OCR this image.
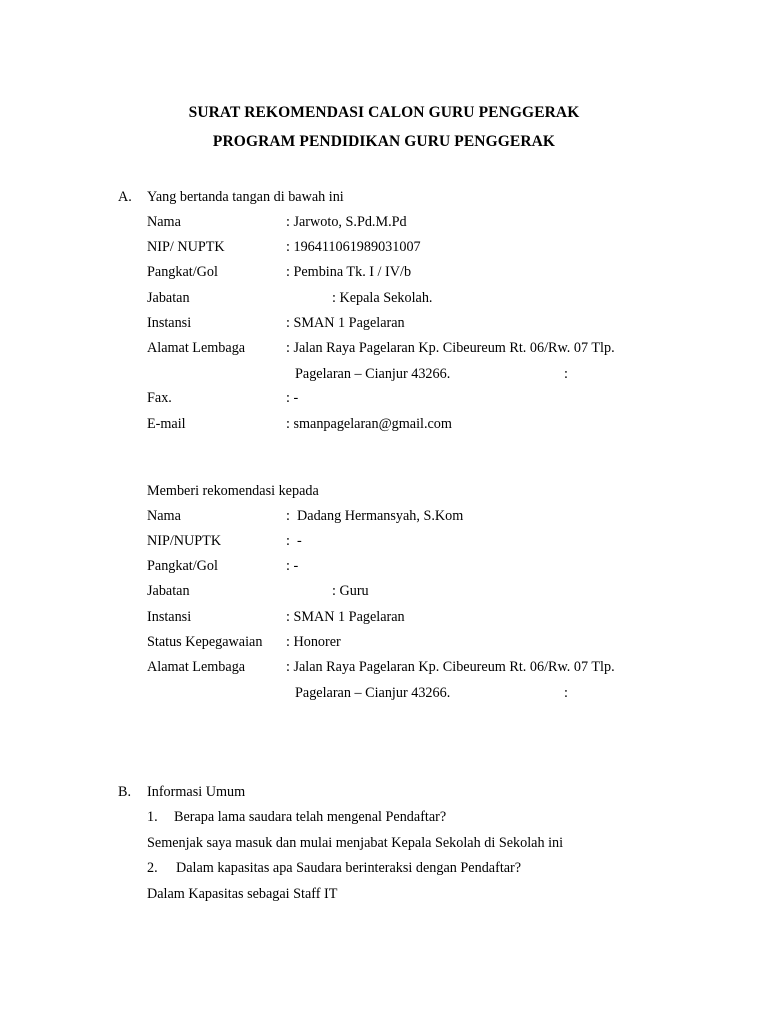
SURAT REKOMENDASI CALON GURU PENGGERAK
PROGRAM PENDIDIKAN GURU PENGGERAK
A. Yang bertanda tangan di bawah ini
Nama	: Jarwoto, S.Pd.M.Pd
NIP/ NUPTK	: 196411061989031007
Pangkat/Gol	: Pembina Tk. I / IV/b
Jabatan	: Kepala Sekolah.
Instansi	: SMAN 1 Pagelaran
Alamat Lembaga	: Jalan Raya Pagelaran Kp. Cibeureum Rt. 06/Rw. 07 Tlp.
Pagelaran – Cianjur 43266.	:
Fax.	: -
E-mail	: smanpagelaran@gmail.com
Memberi rekomendasi kepada
Nama	:  Dadang Hermansyah, S.Kom
NIP/NUPTK	:  -
Pangkat/Gol	: -
Jabatan	: Guru
Instansi	: SMAN 1 Pagelaran
Status Kepegawaian : Honorer
Alamat Lembaga	: Jalan Raya Pagelaran Kp. Cibeureum Rt. 06/Rw. 07 Tlp.
Pagelaran – Cianjur 43266.	:
B. Informasi Umum
1. Berapa lama saudara telah mengenal Pendaftar?
Semenjak saya masuk dan mulai menjabat Kepala Sekolah di Sekolah ini
2. Dalam kapasitas apa Saudara berinteraksi dengan Pendaftar?
Dalam Kapasitas sebagai Staff IT
